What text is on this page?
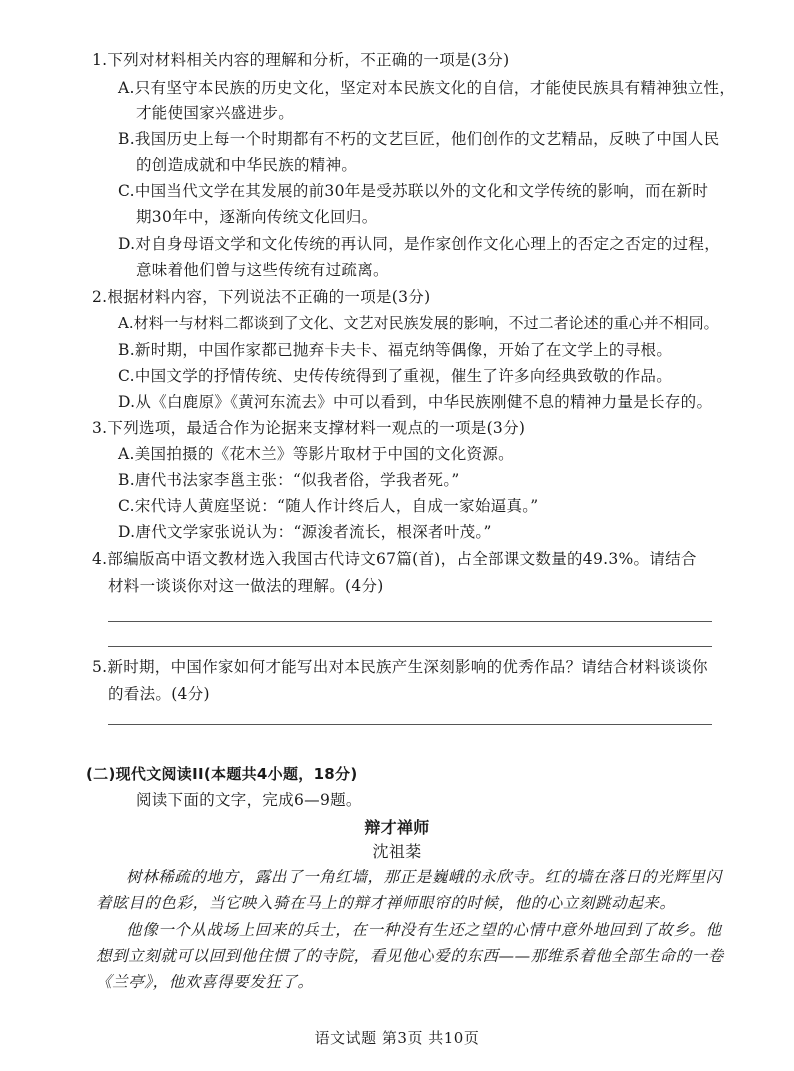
1.下列对材料相关内容的理解和分析，不正确的一项是(3分)
A.只有坚守本民族的历史文化，坚定对本民族文化的自信，才能使民族具有精神独立性，
才能使国家兴盛进步。
B.我国历史上每一个时期都有不朽的文艺巨匠，他们创作的文艺精品，反映了中国人民
的创造成就和中华民族的精神。
C.中国当代文学在其发展的前30年是受苏联以外的文化和文学传统的影响，而在新时
期30年中，逐渐向传统文化回归。
D.对自身母语文学和文化传统的再认同，是作家创作文化心理上的否定之否定的过程，
意味着他们曾与这些传统有过疏离。
2.根据材料内容，下列说法不正确的一项是(3分)
A.材料一与材料二都谈到了文化、文艺对民族发展的影响，不过二者论述的重心并不相同。
B.新时期，中国作家都已抛弃卡夫卡、福克纳等偶像，开始了在文学上的寻根。
C.中国文学的抒情传统、史传传统得到了重视，催生了许多向经典致敬的作品。
D.从《白鹿原》《黄河东流去》中可以看到，中华民族刚健不息的精神力量是长存的。
3.下列选项，最适合作为论据来支撑材料一观点的一项是(3分)
A.美国拍摄的《花木兰》等影片取材于中国的文化资源。
B.唐代书法家李邕主张：“似我者俗，学我者死。”
C.宋代诗人黄庭坚说：“随人作计终后人，自成一家始逼真。”
D.唐代文学家张说认为：“源浚者流长，根深者叶茂。”
4.部编版高中语文教材选入我国古代诗文67篇(首)，占全部课文数量的49.3%。请结合
材料一谈谈你对这一做法的理解。(4分)
5.新时期，中国作家如何才能写出对本民族产生深刻影响的优秀作品？请结合材料谈谈你
的看法。(4分)
(二)现代文阅读II(本题共4小题，18分)
阅读下面的文字，完成6—9题。
辩才禅师
沈祖棻
树林稀疏的地方，露出了一角红墙，那正是巍峨的永欣寺。红的墙在落日的光辉里闪
着眩目的色彩，当它映入骑在马上的辩才禅师眼帘的时候，他的心立刻跳动起来。
他像一个从战场上回来的兵士，在一种没有生还之望的心情中意外地回到了故乡。他
想到立刻就可以回到他住惯了的寺院，看见他心爱的东西——那维系着他全部生命的一卷
《兰亭》，他欢喜得要发狂了。
语文试题 第3页 共10页
